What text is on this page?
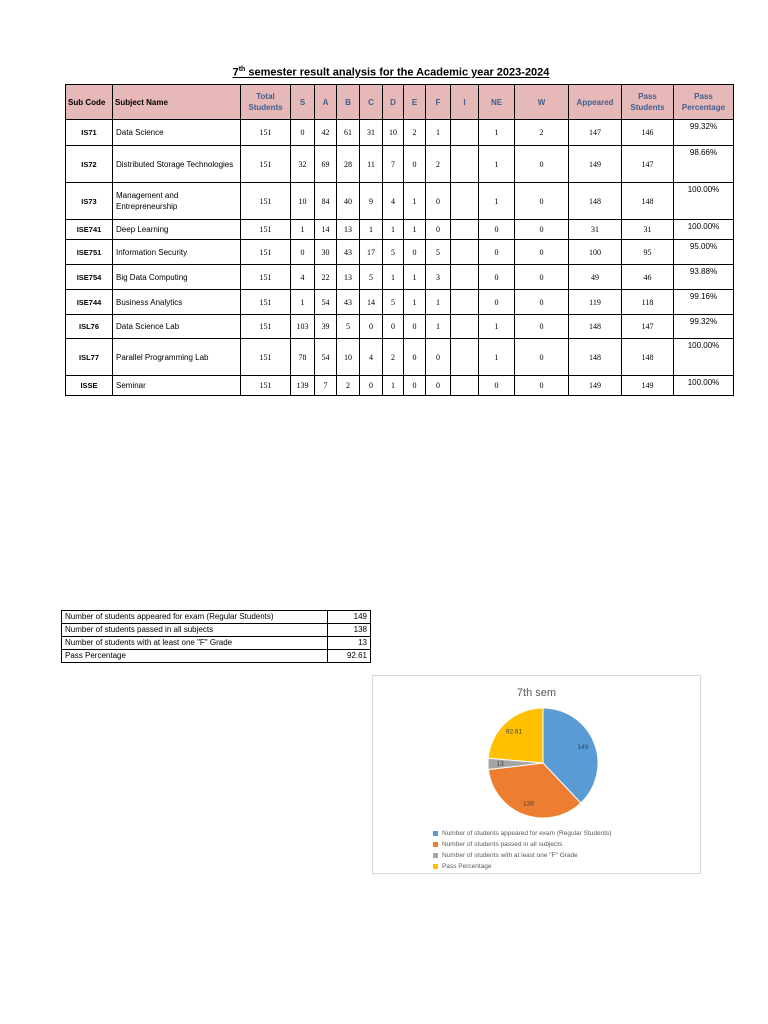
7th semester result analysis for the Academic year 2023-2024
Sub Code	Subject Name	Total Students	S	A	B	C	D	E	F	I	NE	W	Appeared	Pass Students	Pass Percentage
IS71	Data Science	151	0	42	61	31	10	2	1		1	2	147	146	99.32%
IS72	Distributed Storage Technologies	151	32	69	28	11	7	0	2		1	0	149	147	98.66%
IS73	Management and Entrepreneurship	151	10	84	40	9	4	1	0		1	0	148	148	100.00%
ISE741	Deep Learning	151	1	14	13	1	1	1	0		0	0	31	31	100.00%
ISE751	Information Security	151	0	30	43	17	5	0	5		0	0	100	95	95.00%
ISE754	Big Data Computing	151	4	22	13	5	1	1	3		0	0	49	46	93.88%
ISE744	Business Analytics	151	1	54	43	14	5	1	1		0	0	119	118	99.16%
ISL76	Data Science Lab	151	103	39	5	0	0	0	1		1	0	148	147	99.32%
ISL77	Parallel Programming Lab	151	78	54	10	4	2	0	0		1	0	148	148	100.00%
ISSE	Seminar	151	139	7	2	0	1	0	0		0	0	149	149	100.00%
Number of students appeared for exam (Regular Students)	149
Number of students passed in all subjects	138
Number of students with at least one "F" Grade	13
Pass Percentage	92.61
7th sem
149
138
13
92.61
Number of students appeared for exam (Regular Students)
Number of students passed in all subjects
Number of students with at least one "F" Grade
Pass Percentage
